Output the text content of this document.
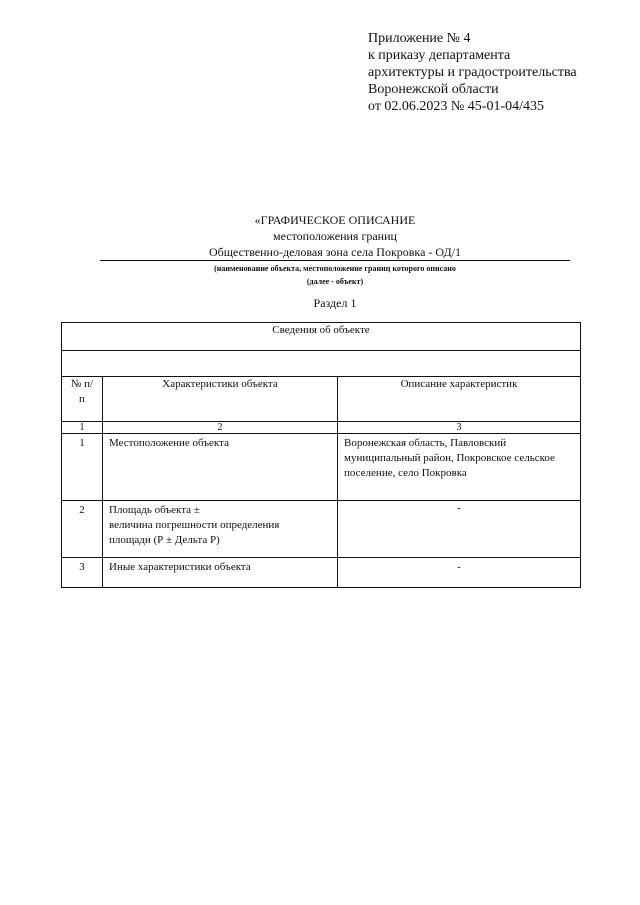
Приложение № 4
к приказу департамента
архитектуры и градостроительства
Воронежской области
от 02.06.2023 № 45-01-04/435
«ГРАФИЧЕСКОЕ ОПИСАНИЕ
местоположения границ
Общественно-деловая зона села Покровка - ОД/1
(наименование объекта, местоположение границ которого описано
(далее - объект)
Раздел 1
Сведения об объекте		

№ п/п	Характеристики объекта	Описание характеристик
1	2	3
1	Местоположение объекта	Воронежская область, Павловский муниципальный район, Покровское сельское поселение, село Покровка
2	Площадь объекта ±
величина погрешности определения
площади (Р ± Дельта Р)	-
3	Иные характеристики объекта	-
